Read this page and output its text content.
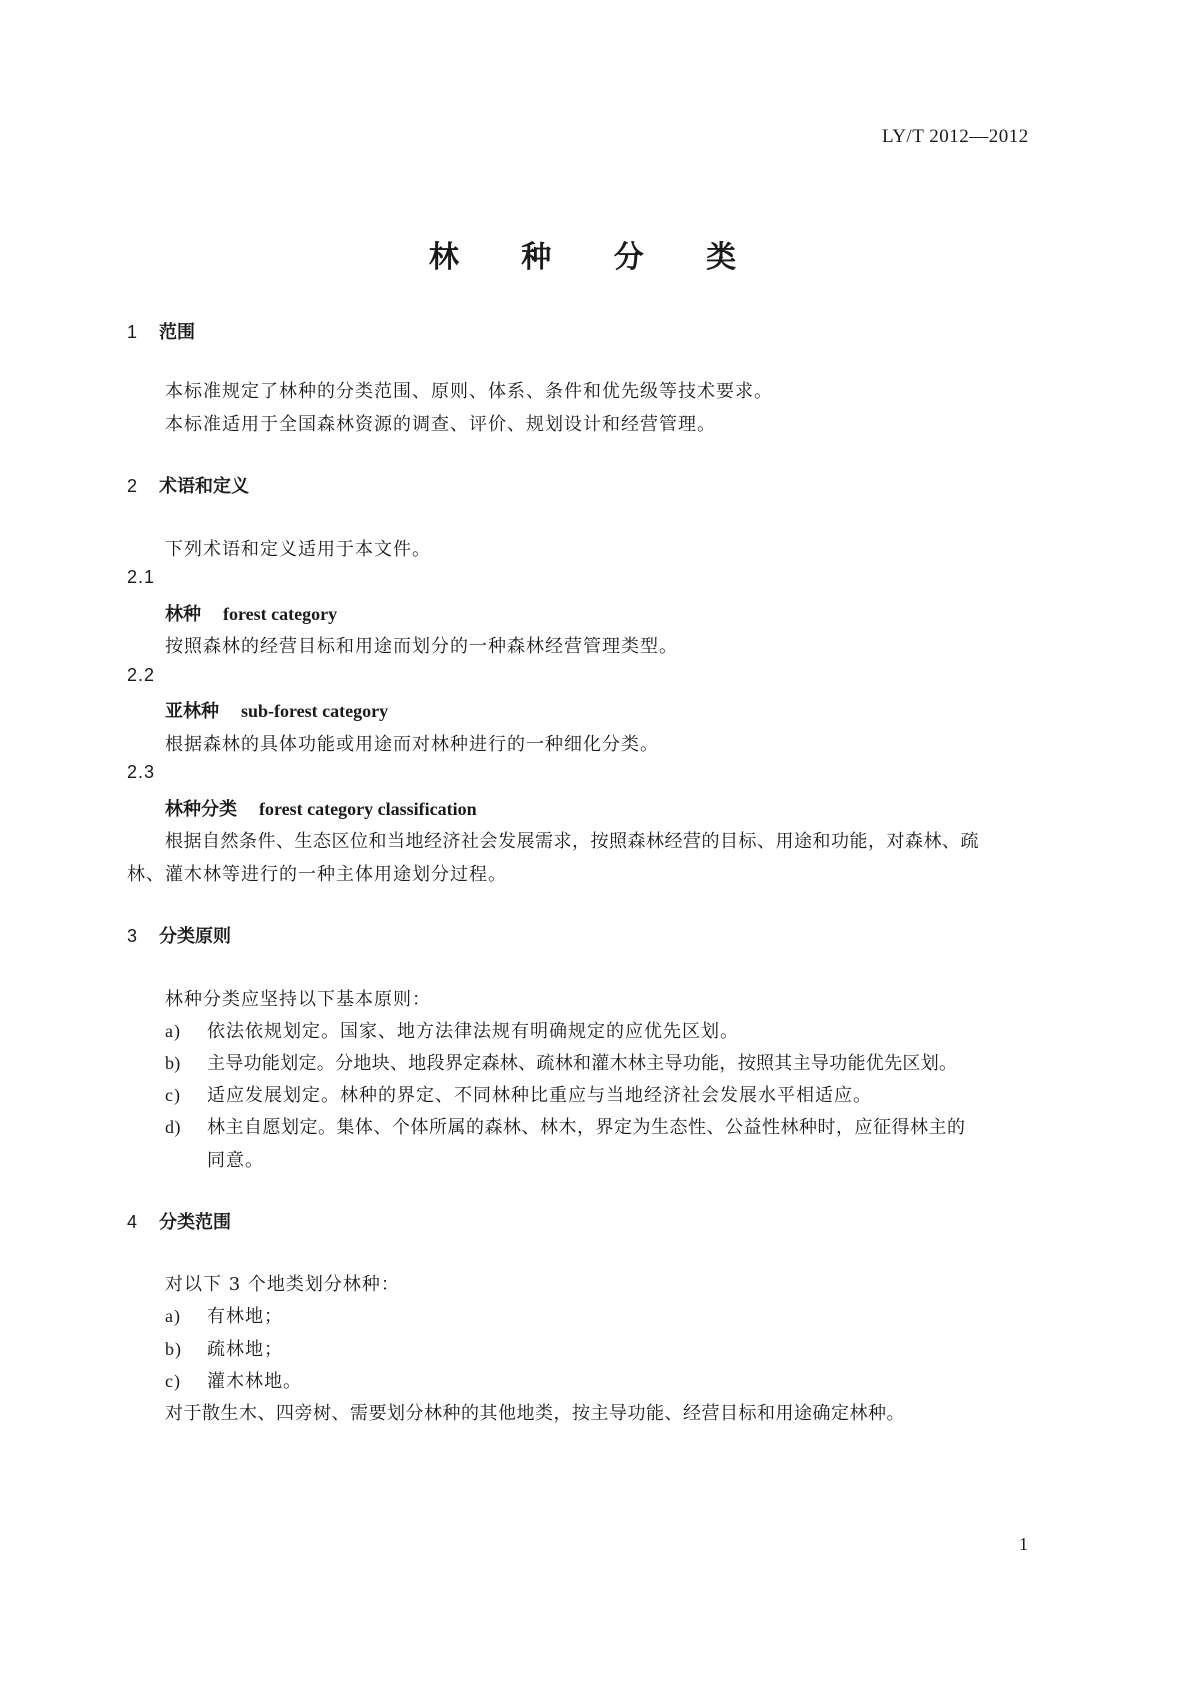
LY/T 2012—2012
林 种 分 类
1 范围
本标准规定了林种的分类范围、原则、体系、条件和优先级等技术要求。
本标准适用于全国森林资源的调查、评价、规划设计和经营管理。
2 术语和定义
下列术语和定义适用于本文件。
2.1
林种 forest category
按照森林的经营目标和用途而划分的一种森林经营管理类型。
2.2
亚林种 sub-forest category
根据森林的具体功能或用途而对林种进行的一种细化分类。
2.3
林种分类 forest category classification
根据自然条件、生态区位和当地经济社会发展需求，按照森林经营的目标、用途和功能，对森林、疏
林、灌木林等进行的一种主体用途划分过程。
3 分类原则
林种分类应坚持以下基本原则：
a) 依法依规划定。国家、地方法律法规有明确规定的应优先区划。
b) 主导功能划定。分地块、地段界定森林、疏林和灌木林主导功能，按照其主导功能优先区划。
c) 适应发展划定。林种的界定、不同林种比重应与当地经济社会发展水平相适应。
d) 林主自愿划定。集体、个体所属的森林、林木，界定为生态性、公益性林种时，应征得林主的
同意。
4 分类范围
对以下 3 个地类划分林种：
a) 有林地；
b) 疏林地；
c) 灌木林地。
对于散生木、四旁树、需要划分林种的其他地类，按主导功能、经营目标和用途确定林种。
1
